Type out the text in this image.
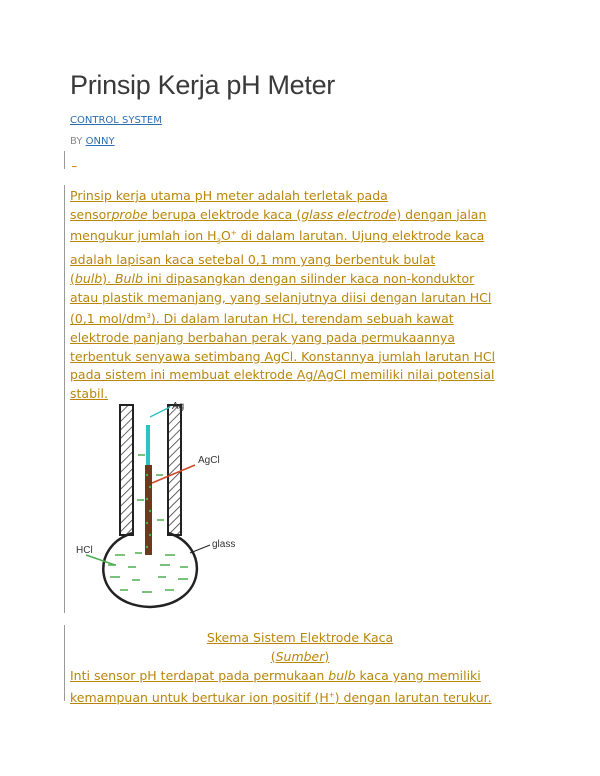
Prinsip Kerja pH Meter
CONTROL SYSTEM
BY ONNY
​_
Prinsip kerja utama pH meter adalah terletak pada
sensorprobe berupa elektrode kaca (glass electrode) dengan jalan
mengukur jumlah ion $H_3O^+$ di dalam larutan. Ujung elektrode kaca
adalah lapisan kaca setebal 0,1 mm yang berbentuk bulat
(bulb). Bulb ini dipasangkan dengan silinder kaca non-konduktor
atau plastik memanjang, yang selanjutnya diisi dengan larutan HCl
(0,1 mol/$dm^3$). Di dalam larutan HCl, terendam sebuah kawat
elektrode panjang berbahan perak yang pada permukaannya
terbentuk senyawa setimbang AgCl. Konstannya jumlah larutan HCl
pada sistem ini membuat elektrode Ag/AgCl memiliki nilai potensial
stabil.
Ag
AgCl
HCl
glass
Skema Sistem Elektrode Kaca
(Sumber)
Inti sensor pH terdapat pada permukaan bulb kaca yang memiliki
kemampuan untuk bertukar ion positif (H+) dengan larutan terukur.
